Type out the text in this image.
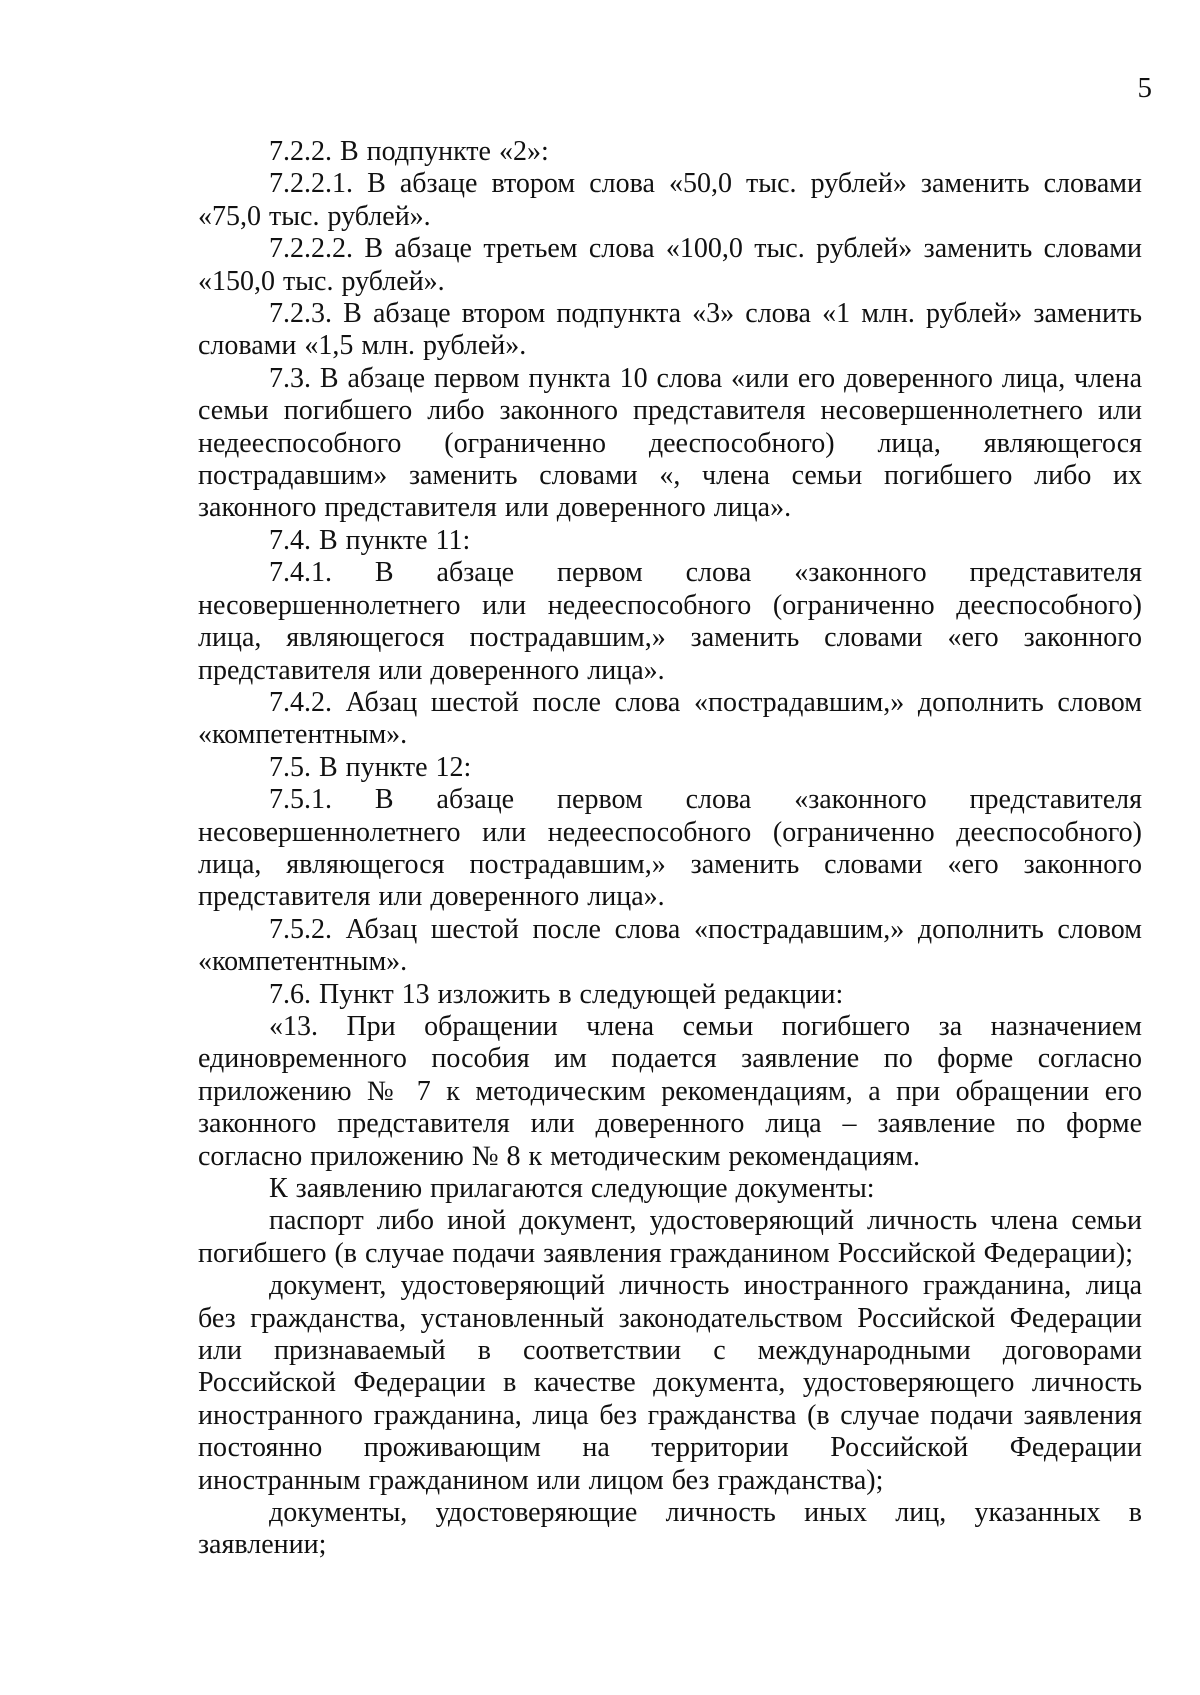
5

7.2.2. В подпункте «2»:

7.2.2.1. В абзаце втором слова «50,0 тыс. рублей» заменить словами «75,0 тыс. рублей».

7.2.2.2. В абзаце третьем слова «100,0 тыс. рублей» заменить словами «150,0 тыс. рублей».

7.2.3. В абзаце втором подпункта «3» слова «1 млн. рублей» заменить словами «1,5 млн. рублей».

7.3. В абзаце первом пункта 10 слова «или его доверенного лица, члена семьи погибшего либо законного представителя несовершеннолетнего или недееспособного (ограниченно дееспособного) лица, являющегося пострадавшим» заменить словами «, члена семьи погибшего либо их законного представителя или доверенного лица».

7.4. В пункте 11:

7.4.1. В абзаце первом слова «законного представителя несовершеннолетнего или недееспособного (ограниченно дееспособного) лица, являющегося пострадавшим,» заменить словами «его законного представителя или доверенного лица».

7.4.2. Абзац шестой после слова «пострадавшим,» дополнить словом «компетентным».

7.5. В пункте 12:

7.5.1. В абзаце первом слова «законного представителя несовершеннолетнего или недееспособного (ограниченно дееспособного) лица, являющегося пострадавшим,» заменить словами «его законного представителя или доверенного лица».

7.5.2. Абзац шестой после слова «пострадавшим,» дополнить словом «компетентным».

7.6. Пункт 13 изложить в следующей редакции:

«13. При обращении члена семьи погибшего за назначением единовременного пособия им подается заявление по форме согласно приложению № 7 к методическим рекомендациям, а при обращении его законного представителя или доверенного лица – заявление по форме согласно приложению № 8 к методическим рекомендациям.

К заявлению прилагаются следующие документы:

паспорт либо иной документ, удостоверяющий личность члена семьи погибшего (в случае подачи заявления гражданином Российской Федерации);

документ, удостоверяющий личность иностранного гражданина, лица без гражданства, установленный законодательством Российской Федерации или признаваемый в соответствии с международными договорами Российской Федерации в качестве документа, удостоверяющего личность иностранного гражданина, лица без гражданства (в случае подачи заявления постоянно проживающим на территории Российской Федерации иностранным гражданином или лицом без гражданства);

документы, удостоверяющие личность иных лиц, указанных в заявлении;
